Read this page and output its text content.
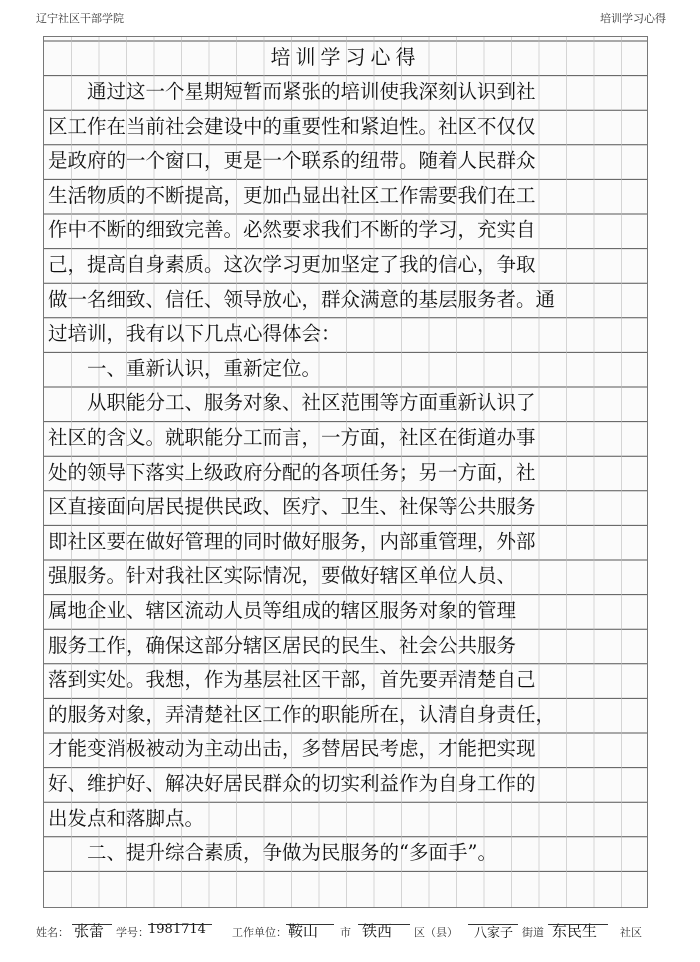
辽宁社区干部学院	培训学习心得
培训学习心得
　　通过这一个星期短暂而紧张的培训使我深刻认识到社
区工作在当前社会建设中的重要性和紧迫性。社区不仅仅
是政府的一个窗口，更是一个联系的纽带。随着人民群众
生活物质的不断提高，更加凸显出社区工作需要我们在工
作中不断的细致完善。必然要求我们不断的学习，充实自
己，提高自身素质。这次学习更加坚定了我的信心，争取
做一名细致、信任、领导放心，群众满意的基层服务者。通
过培训，我有以下几点心得体会：
　　一、重新认识，重新定位。
　　从职能分工、服务对象、社区范围等方面重新认识了
社区的含义。就职能分工而言，一方面，社区在街道办事
处的领导下落实上级政府分配的各项任务；另一方面，社
区直接面向居民提供民政、医疗、卫生、社保等公共服务
即社区要在做好管理的同时做好服务，内部重管理，外部
强服务。针对我社区实际情况，要做好辖区单位人员、
属地企业、辖区流动人员等组成的辖区服务对象的管理
服务工作，确保这部分辖区居民的民生、社会公共服务
落到实处。我想，作为基层社区干部，首先要弄清楚自己
的服务对象，弄清楚社区工作的职能所在，认清自身责任，
才能变消极被动为主动出击，多替居民考虑，才能把实现
好、维护好、解决好居民群众的切实利益作为自身工作的
出发点和落脚点。
　　二、提升综合素质，争做为民服务的“多面手”。
姓名： 张蕾 学号： 1981714 工作单位： 鞍山 市 铁西 区（县） 八家子 街道 东民生 社区
